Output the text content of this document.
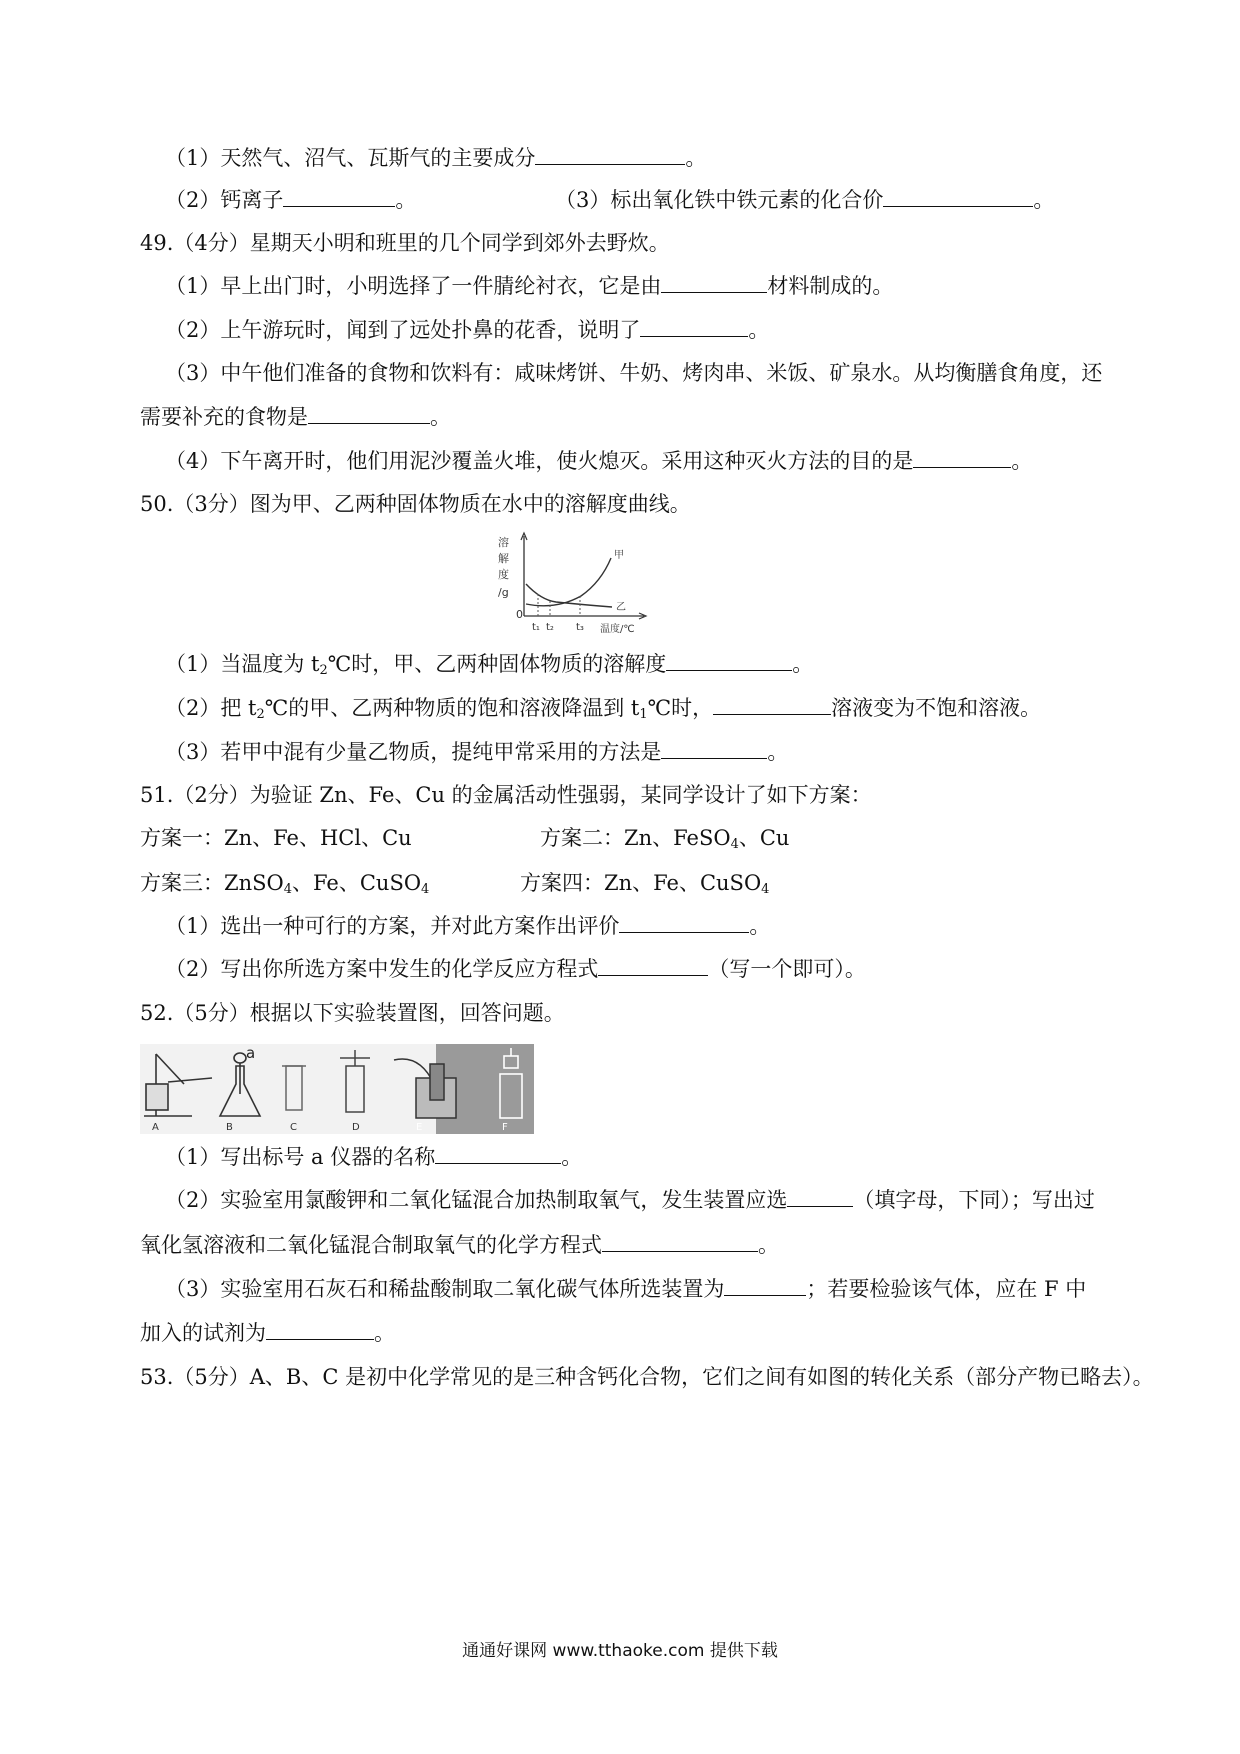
（1）天然气、沼气、瓦斯气的主要成分	。
（2）钙离子	。	（3）标出氧化铁中铁元素的化合价	。
49.（4分）星期天小明和班里的几个同学到郊外去野炊。
（1）早上出门时，小明选择了一件腈纶衬衣，它是由	材料制成的。
（2）上午游玩时，闻到了远处扑鼻的花香，说明了	。
（3）中午他们准备的食物和饮料有：咸味烤饼、牛奶、烤肉串、米饭、矿泉水。从均衡膳食角度，还
需要补充的食物是	。
（4）下午离开时，他们用泥沙覆盖火堆，使火熄灭。采用这种灭火方法的目的是	。
50.（3分）图为甲、乙两种固体物质在水中的溶解度曲线。
溶
解
度
/g
0
t₁ t₂ t₃ 温度/℃
甲
乙
（1）当温度为 $t_2℃$时，甲、乙两种固体物质的溶解度	。
（2）把 $t_2℃$的甲、乙两种物质的饱和溶液降温到 $t_1℃$时，	溶液变为不饱和溶液。
（3）若甲中混有少量乙物质，提纯甲常采用的方法是	。
51.（2分）为验证 Zn、Fe、Cu 的金属活动性强弱，某同学设计了如下方案：
方案一：Zn、Fe、HCl、Cu	方案二：Zn、FeSO$_4$、Cu
方案三：ZnSO$_4$、Fe、CuSO$_4$	方案四：Zn、Fe、CuSO$_4$
（1）选出一种可行的方案，并对此方案作出评价	。
（2）写出你所选方案中发生的化学反应方程式	（写一个即可）。
52.（5分）根据以下实验装置图，回答问题。
a
A	B	C	D	E	F
（1）写出标号 a 仪器的名称	。
（2）实验室用氯酸钾和二氧化锰混合加热制取氧气，发生装置应选	（填字母，下同）；写出过
氧化氢溶液和二氧化锰混合制取氧气的化学方程式	。
（3）实验室用石灰石和稀盐酸制取二氧化碳气体所选装置为	；若要检验该气体，应在 F 中
加入的试剂为	。
53.（5分）A、B、C 是初中化学常见的是三种含钙化合物，它们之间有如图的转化关系（部分产物已略去）。
通通好课网 www.tthaoke.com 提供下载
